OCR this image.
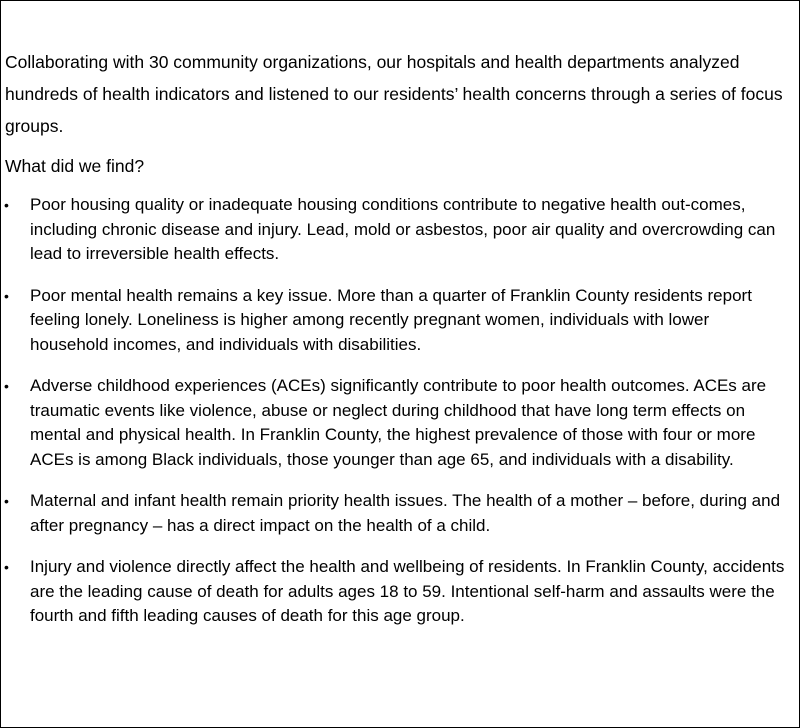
Collaborating with 30 community organizations, our hospitals and health departments analyzed hundreds of health indicators and listened to our residents’ health concerns through a series of focus groups.

What did we find?

• Poor housing quality or inadequate housing conditions contribute to negative health out-comes, including chronic disease and injury. Lead, mold or asbestos, poor air quality and overcrowding can lead to irreversible health effects.
• Poor mental health remains a key issue. More than a quarter of Franklin County residents report feeling lonely. Loneliness is higher among recently pregnant women, individuals with lower household incomes, and individuals with disabilities.
• Adverse childhood experiences (ACEs) significantly contribute to poor health outcomes. ACEs are traumatic events like violence, abuse or neglect during childhood that have long term effects on mental and physical health. In Franklin County, the highest prevalence of those with four or more ACEs is among Black individuals, those younger than age 65, and individuals with a disability.
• Maternal and infant health remain priority health issues. The health of a mother – before, during and after pregnancy – has a direct impact on the health of a child.
• Injury and violence directly affect the health and wellbeing of residents. In Franklin County, accidents are the leading cause of death for adults ages 18 to 59. Intentional self-harm and assaults were the fourth and fifth leading causes of death for this age group.
